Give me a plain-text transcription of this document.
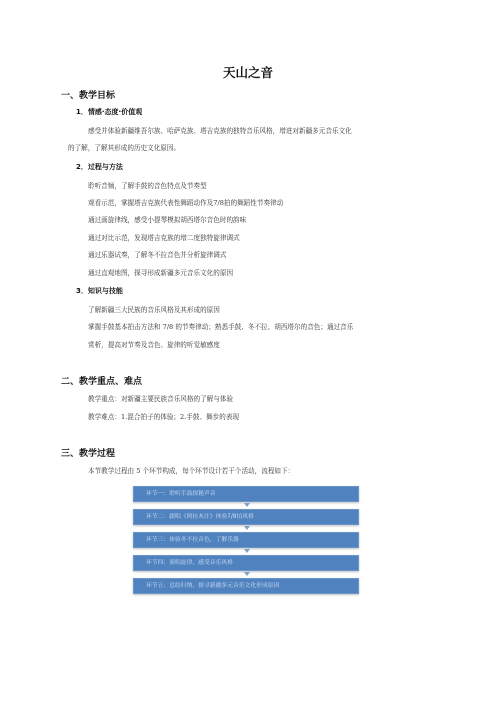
天山之音
一、教学目标
1．情感·态度·价值观
感受并体验新疆维吾尔族、哈萨克族、塔吉克族的独特音乐风格，增进对新疆多元音乐文化
的了解，了解其形成的历史文化原因。
2．过程与方法
聆听音频，了解手鼓的音色特点及节奏型
观看示范，掌握塔吉克族代表性舞蹈动作及7/8拍的舞蹈性节奏律动
通过画旋律线，感受小提琴模拟胡西塔尔音色时的韵味
通过对比示范，发现塔吉克族的增二度独特旋律调式
通过乐器试奏，了解冬不拉音色并分析旋律调式
通过直观地图，探寻形成新疆多元音乐文化的原因
3．知识与技能
了解新疆三大民族的音乐风格及其形成的原因
掌握手鼓基本拍击方法和 7/8 的节奏律动；熟悉手鼓、冬不拉、胡西塔尔的音色；通过音乐
赏析，提高对节奏及音色、旋律的听觉敏感度
二、教学重点、难点
教学重点：对新疆主要民族音乐风格的了解与体验
教学难点：1.混合拍子的体验；2.手鼓、舞步的表现
三、教学过程
本节教学过程由 5 个环节构成，每个环节设计若干个活动，流程如下：
环节一：聆听手鼓探秘声音
环节二：跟唱《阿拉木汗》体验7/8拍风格
环节三：体验冬不拉音色，了解乐器
环节四：演唱旋律，感受音乐风格
环节五：总结归纳，探寻新疆多元音乐文化形成原因
